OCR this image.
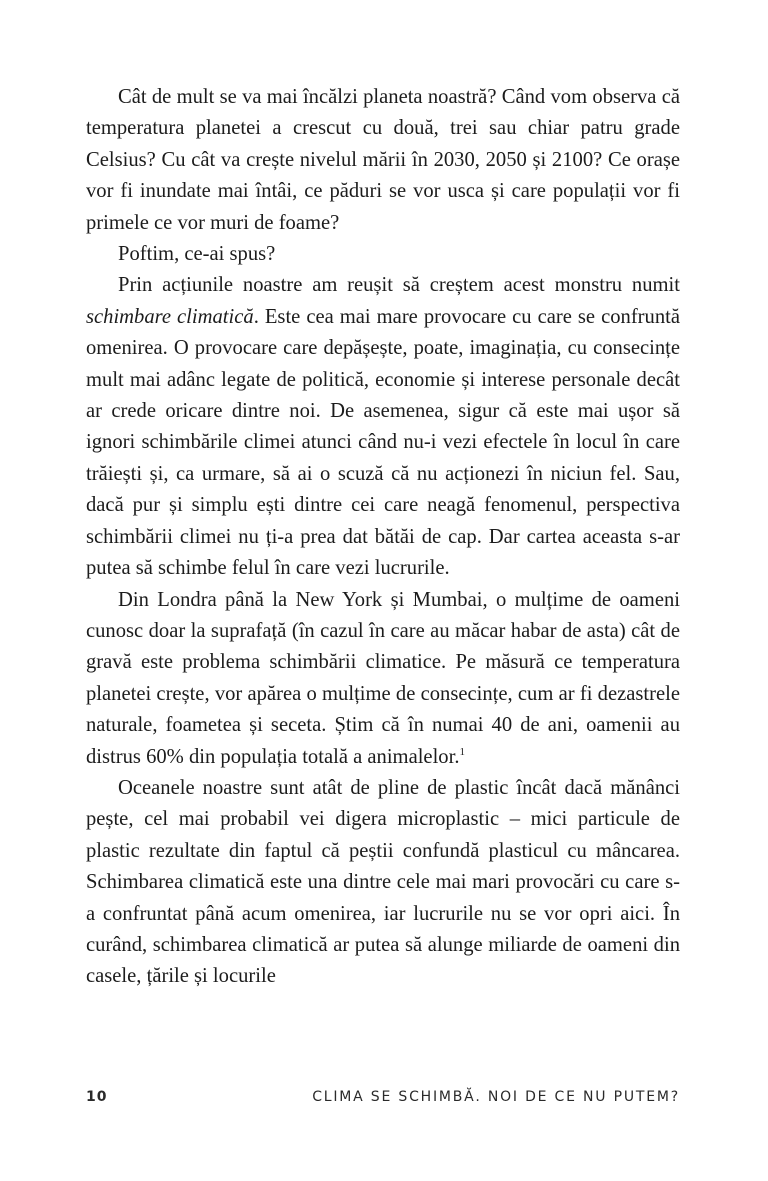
Cât de mult se va mai încălzi planeta noastră? Când vom observa că temperatura planetei a crescut cu două, trei sau chiar patru grade Celsius? Cu cât va crește nivelul mării în 2030, 2050 și 2100? Ce orașe vor fi inundate mai întâi, ce păduri se vor usca și care populații vor fi primele ce vor muri de foame?

Poftim, ce-ai spus?

Prin acțiunile noastre am reușit să creștem acest monstru numit schimbare climatică. Este cea mai mare provocare cu care se confruntă omenirea. O provocare care depășește, poate, imaginația, cu consecințe mult mai adânc legate de politică, economie și interese personale decât ar crede oricare dintre noi. De asemenea, sigur că este mai ușor să ignori schimbările climei atunci când nu-i vezi efectele în locul în care trăiești și, ca urmare, să ai o scuză că nu acționezi în niciun fel. Sau, dacă pur și simplu ești dintre cei care neagă fenomenul, perspectiva schimbării climei nu ți-a prea dat bătăi de cap. Dar cartea aceasta s-ar putea să schimbe felul în care vezi lucrurile.

Din Londra până la New York și Mumbai, o mulțime de oameni cunosc doar la suprafață (în cazul în care au măcar habar de asta) cât de gravă este problema schimbării climatice. Pe măsură ce temperatura planetei crește, vor apărea o mulțime de consecințe, cum ar fi dezastrele naturale, foametea și seceta. Știm că în numai 40 de ani, oamenii au distrus 60% din populația totală a animalelor.$^1$

Oceanele noastre sunt atât de pline de plastic încât dacă mănânci pește, cel mai probabil vei digera microplastic – mici particule de plastic rezultate din faptul că peștii confundă plasticul cu mâncarea. Schimbarea climatică este una dintre cele mai mari provocări cu care s-a confruntat până acum omenirea, iar lucrurile nu se vor opri aici. În curând, schimbarea climatică ar putea să alunge miliarde de oameni din casele, țările și locurile

10	CLIMA SE SCHIMBĂ. NOI DE CE NU PUTEM?
